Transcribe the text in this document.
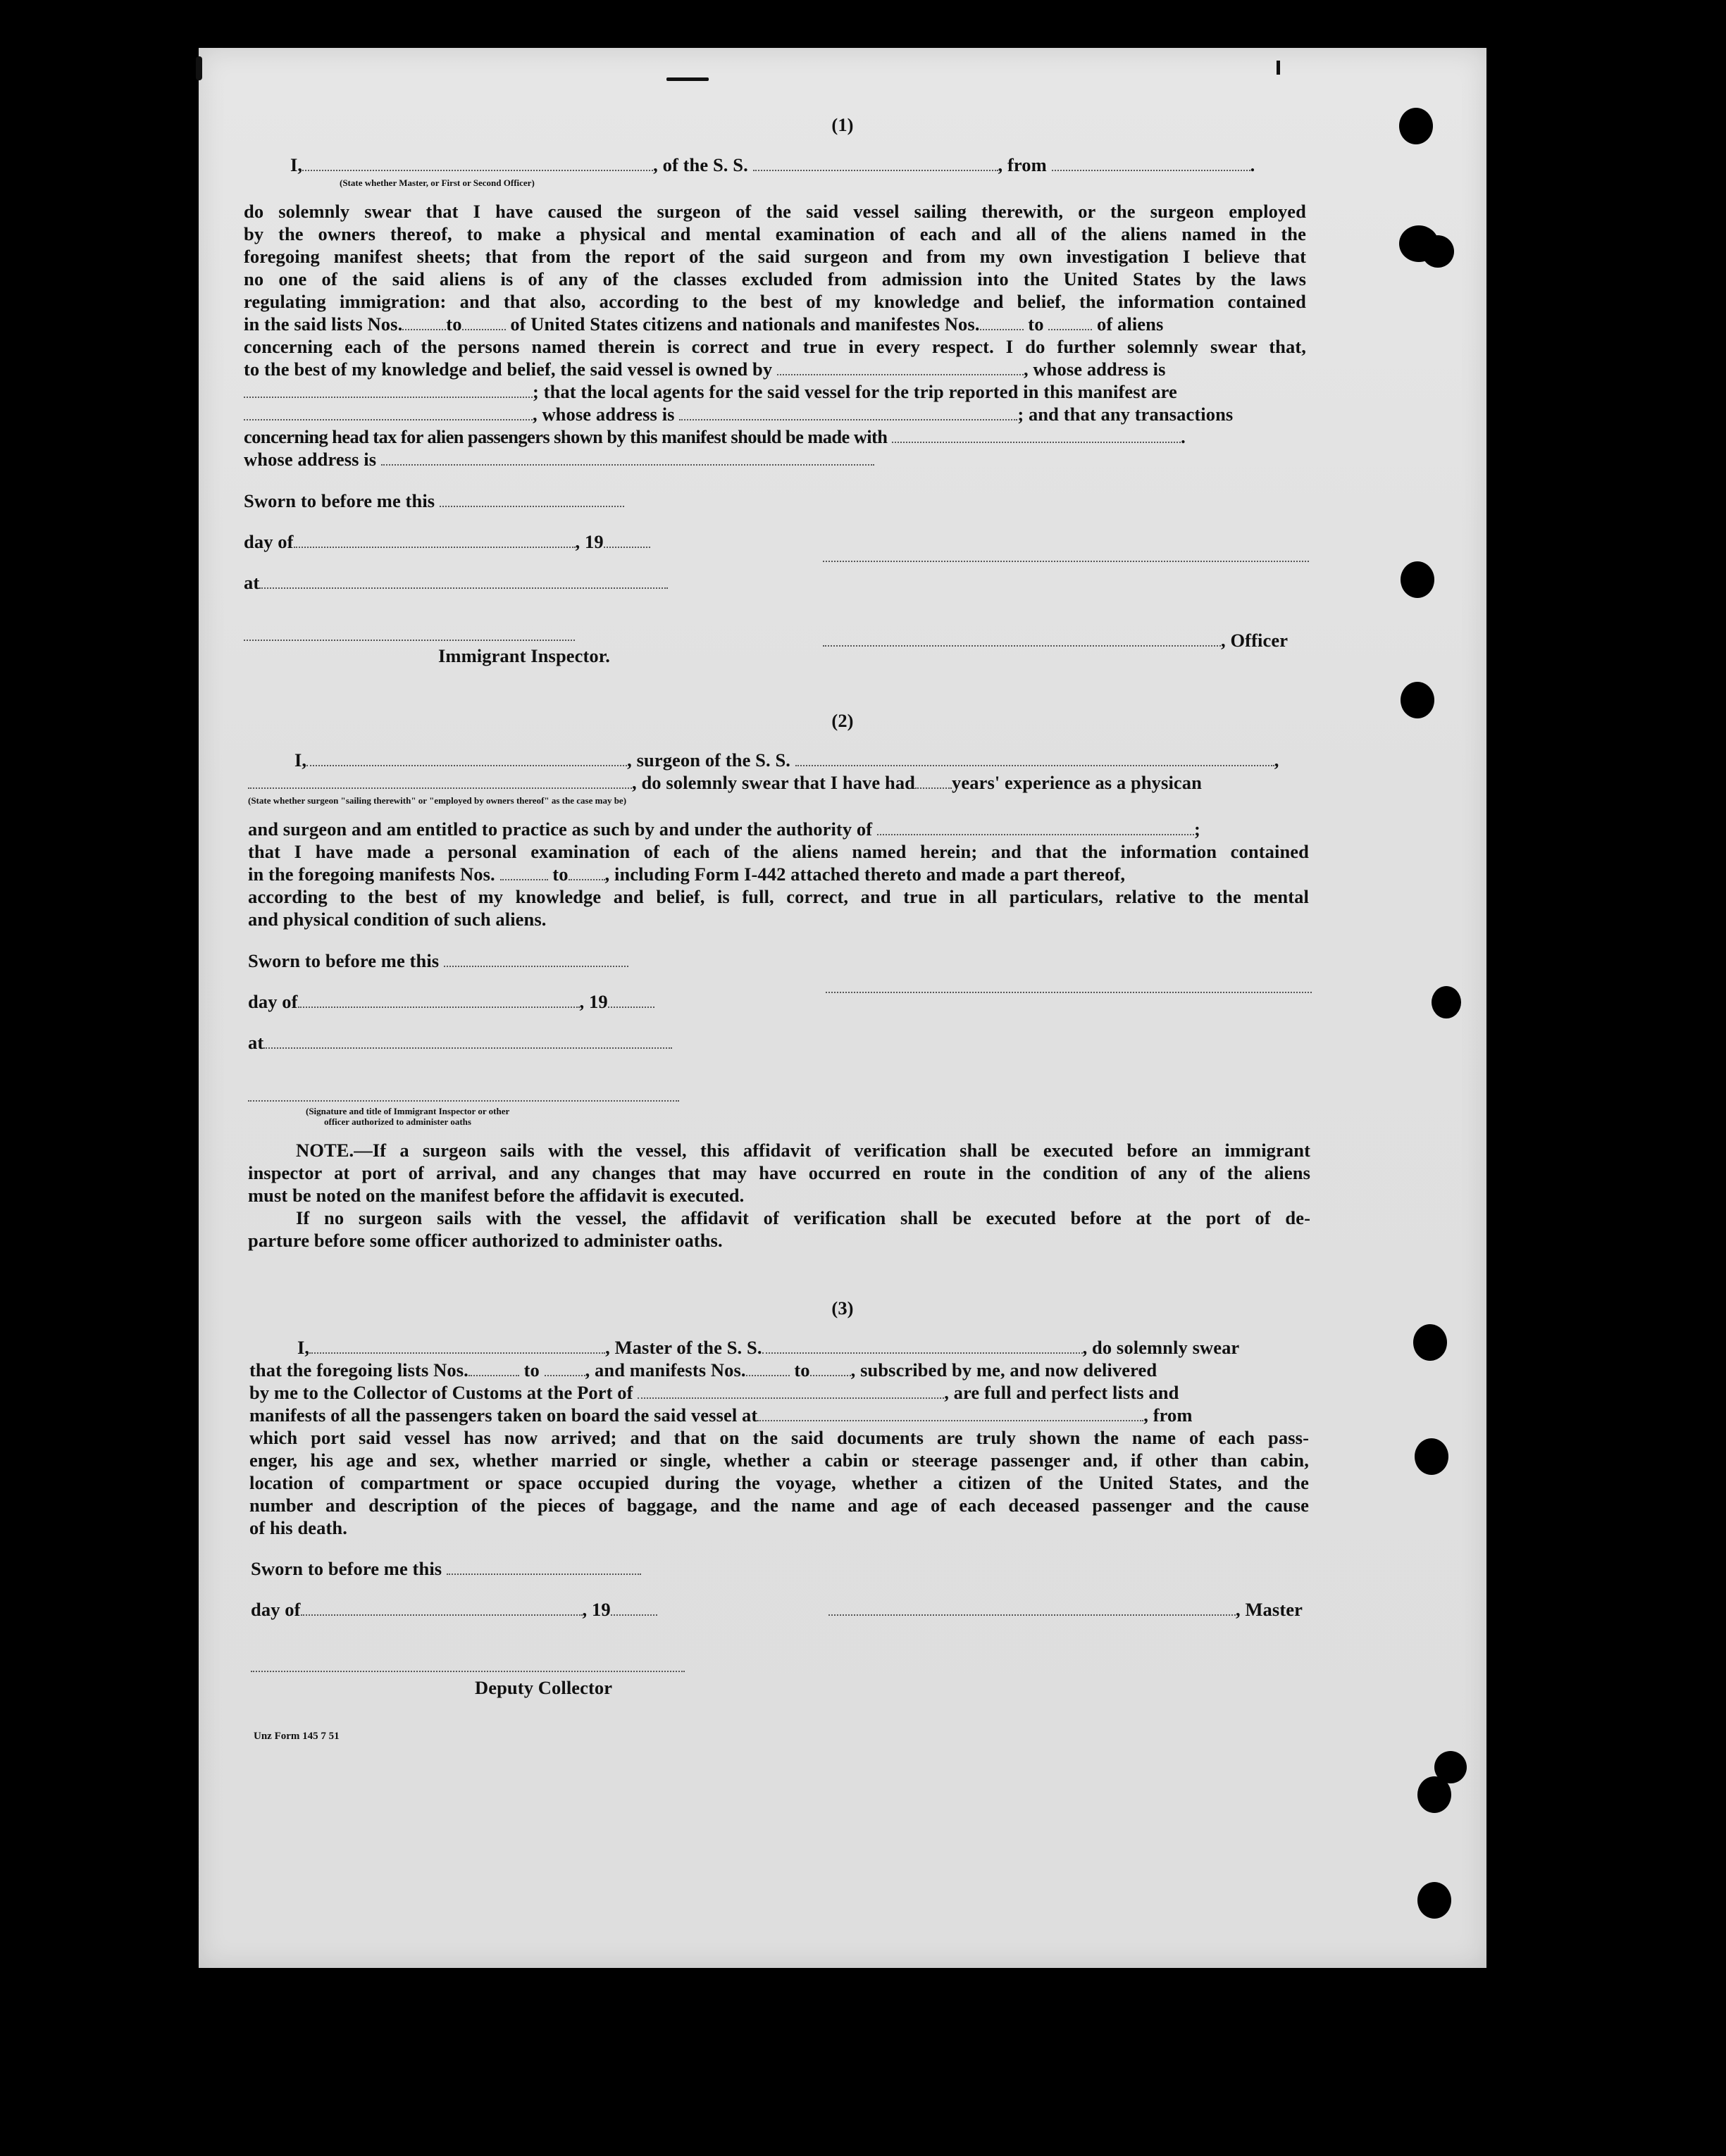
(1)
I,	, of the S. S.	, from	.
(State whether Master, or First or Second Officer)
do solemnly swear that I have caused the surgeon of the said vessel sailing therewith, or the surgeon employed
by the owners thereof, to make a physical and mental examination of each and all of the aliens named in the
foregoing manifest sheets; that from the report of the said surgeon and from my own investigation I believe that
no one of the said aliens is of any of the classes excluded from admission into the United States by the laws
regulating immigration: and that also, according to the best of my knowledge and belief, the information contained
in the said lists Nos. to	of United States citizens and nationals and manifestes Nos.	to	of aliens
concerning each of the persons named therein is correct and true in every respect. I do further solemnly swear that,
to the best of my knowledge and belief, the said vessel is owned by	, whose address is
; that the local agents for the said vessel for the trip reported in this manifest are
, whose address is	; and that any transactions
concerning head tax for alien passengers shown by this manifest should be made with	.
whose address is
Sworn to before me this
day of	, 19
at
, Officer
Immigrant Inspector.
(2)
I,	, surgeon of the S. S.	,
, do solemnly swear that I have had years' experience as a physican
(State whether surgeon "sailing therewith" or "employed by owners thereof" as the case may be)
and surgeon and am entitled to practice as such by and under the authority of	;
that I have made a personal examination of each of the aliens named herein; and that the information contained
in the foregoing manifests Nos.	to , including Form I-442 attached thereto and made a part thereof,
according to the best of my knowledge and belief, is full, correct, and true in all particulars, relative to the mental
and physical condition of such aliens.
Sworn to before me this
day of	, 19
at
(Signature and title of Immigrant Inspector or other
officer authorized to administer oaths
NOTE.—If a surgeon sails with the vessel, this affidavit of verification shall be executed before an immigrant
inspector at port of arrival, and any changes that may have occurred en route in the condition of any of the aliens
must be noted on the manifest before the affidavit is executed.
If no surgeon sails with the vessel, the affidavit of verification shall be executed before at the port of de-
parture before some officer authorized to administer oaths.
(3)
I,	, Master of the S. S.	, do solemnly swear
that the foregoing lists Nos.	to , and manifests Nos.	to , subscribed by me, and now delivered
by me to the Collector of Customs at the Port of	, are full and perfect lists and
manifests of all the passengers taken on board the said vessel at	, from
which port said vessel has now arrived; and that on the said documents are truly shown the name of each pass-
enger, his age and sex, whether married or single, whether a cabin or steerage passenger and, if other than cabin,
location of compartment or space occupied during the voyage, whether a citizen of the United States, and the
number and description of the pieces of baggage, and the name and age of each deceased passenger and the cause
of his death.
Sworn to before me this
day of	, 19	, Master
Deputy Collector
Unz Form 145 7 51
